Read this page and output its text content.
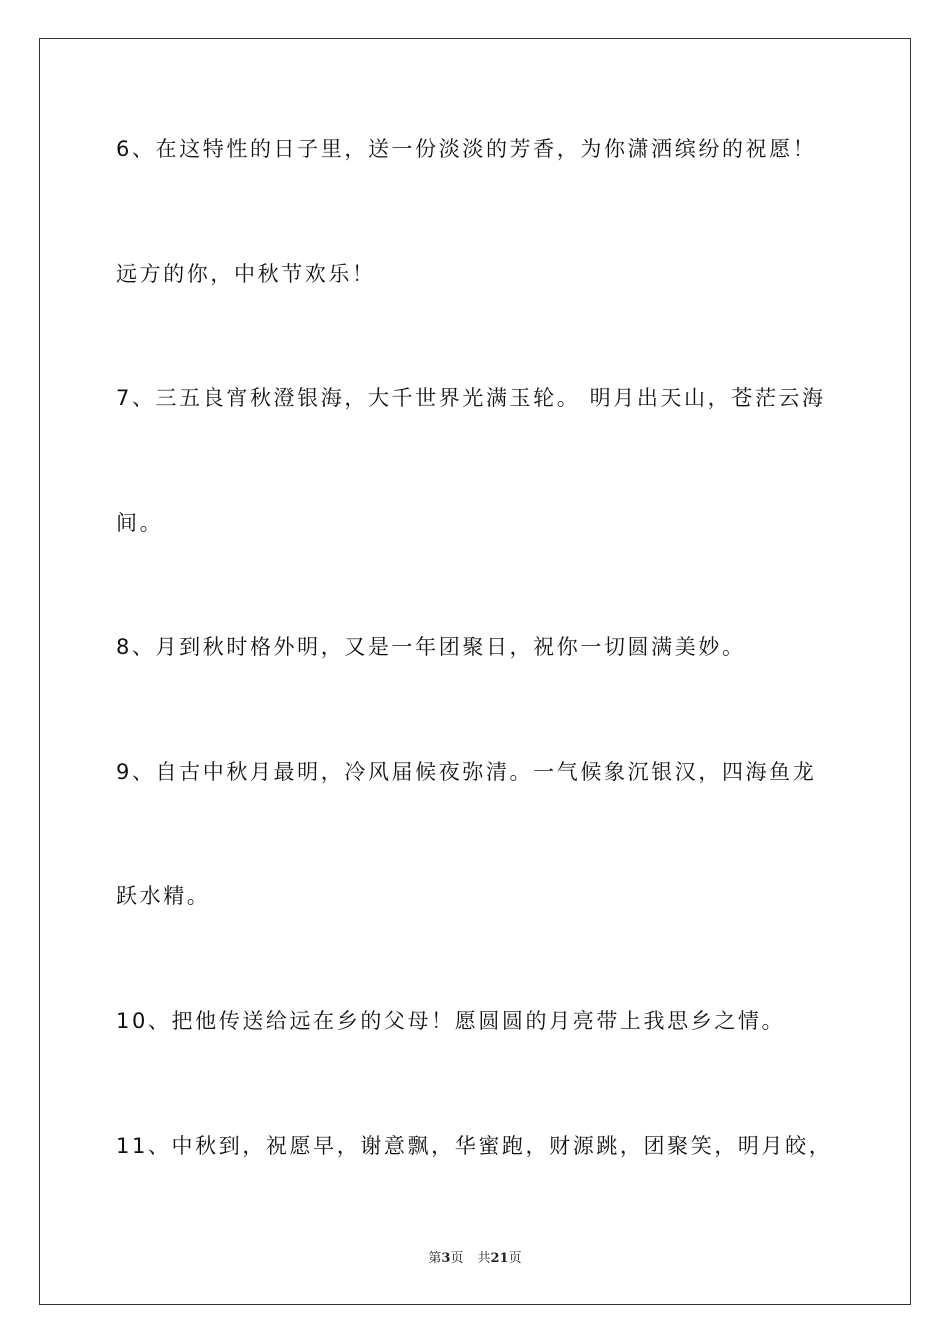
6、在这特性的日子里，送一份淡淡的芳香，为你潇洒缤纷的祝愿！
远方的你，中秋节欢乐！
7、三五良宵秋澄银海，大千世界光满玉轮。 明月出天山，苍茫云海
间。
8、月到秋时格外明，又是一年团聚日，祝你一切圆满美妙。
9、自古中秋月最明，冷风届候夜弥清。一气候象沉银汉，四海鱼龙
跃水精。
10、把他传送给远在乡的父母！愿圆圆的月亮带上我思乡之情。
11、中秋到，祝愿早，谢意飘，华蜜跑，财源跳，团聚笑，明月皎，
第3页 共21页
